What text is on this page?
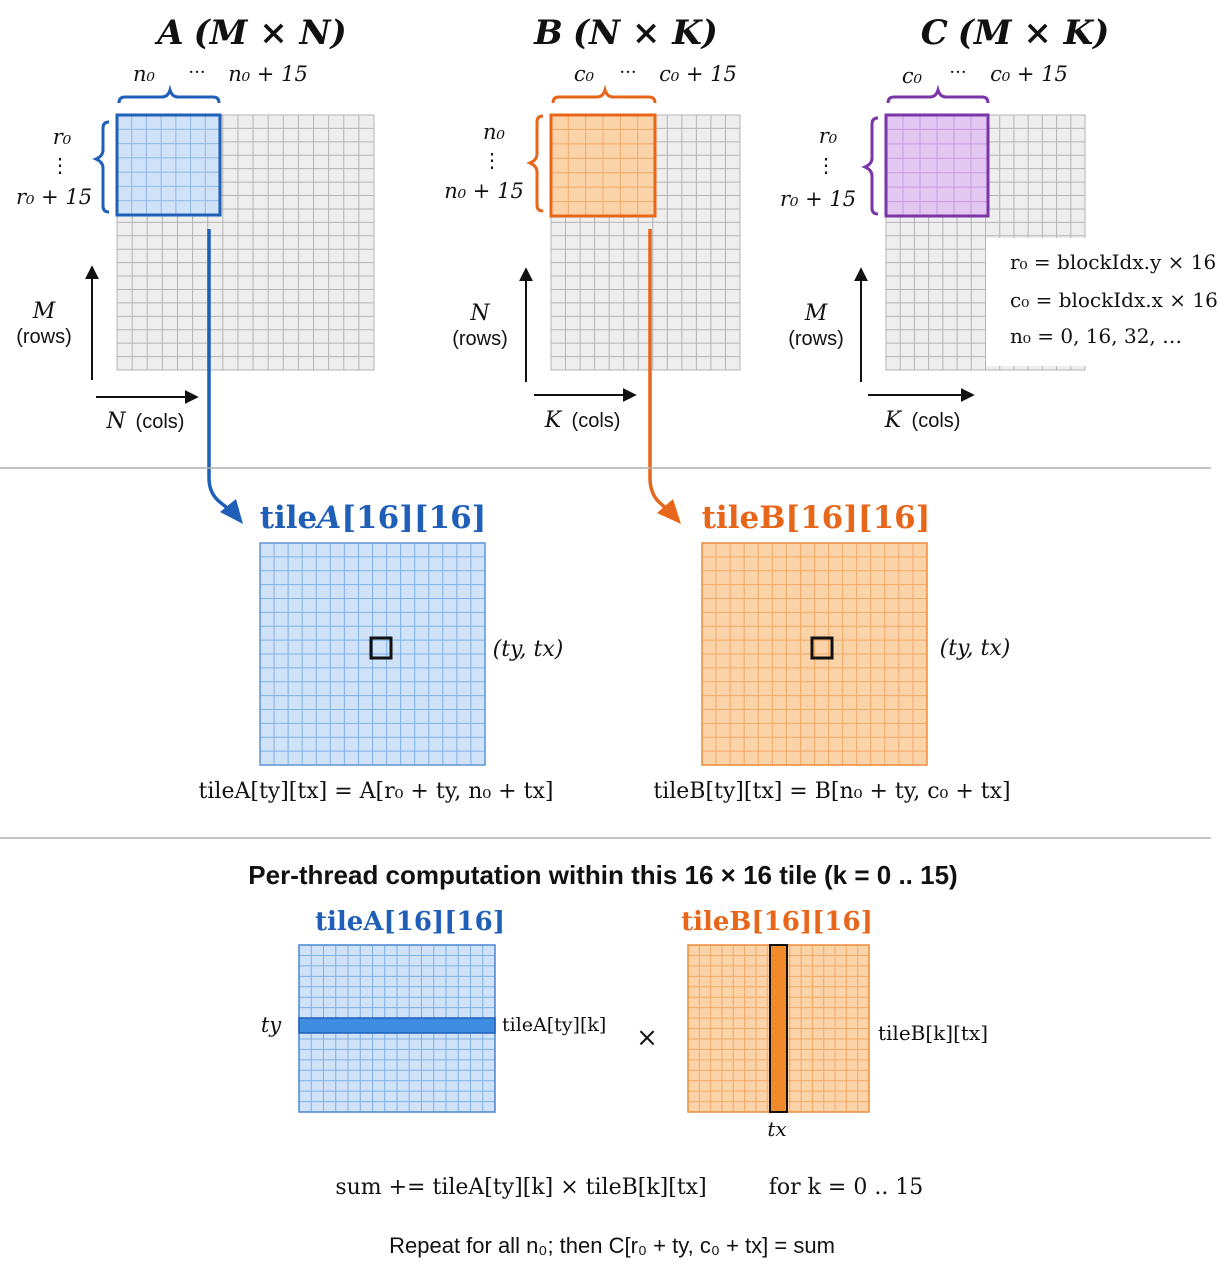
A (M × N)
n₀ ··· n₀ + 15
r₀
⋮
r₀ + 15
M
(rows)
N (cols)
B (N × K)
c₀ ··· c₀ + 15
n₀
⋮
n₀ + 15
N
(rows)
K (cols)
C (M × K)
c₀ ··· c₀ + 15
r₀
⋮
r₀ + 15
M
(rows)
K (cols)
r₀ = blockIdx.y × 16
c₀ = blockIdx.x × 16
n₀ = 0, 16, 32, …
tileA[16][16]
(ty, tx)
tileA[ty][tx] = A[r₀ + ty, n₀ + tx]
tileB[16][16]
(ty, tx)
tileB[ty][tx] = B[n₀ + ty, c₀ + tx]
Per-thread computation within this 16 × 16 tile (k = 0 .. 15)
tileA[16][16]	tileB[16][16]
ty	tileA[ty][k] ×
tx
tileB[k][tx]
sum += tileA[ty][k] × tileB[k][tx]	for k = 0 .. 15
Repeat for all n₀; then C[r₀ + ty, c₀ + tx] = sum
